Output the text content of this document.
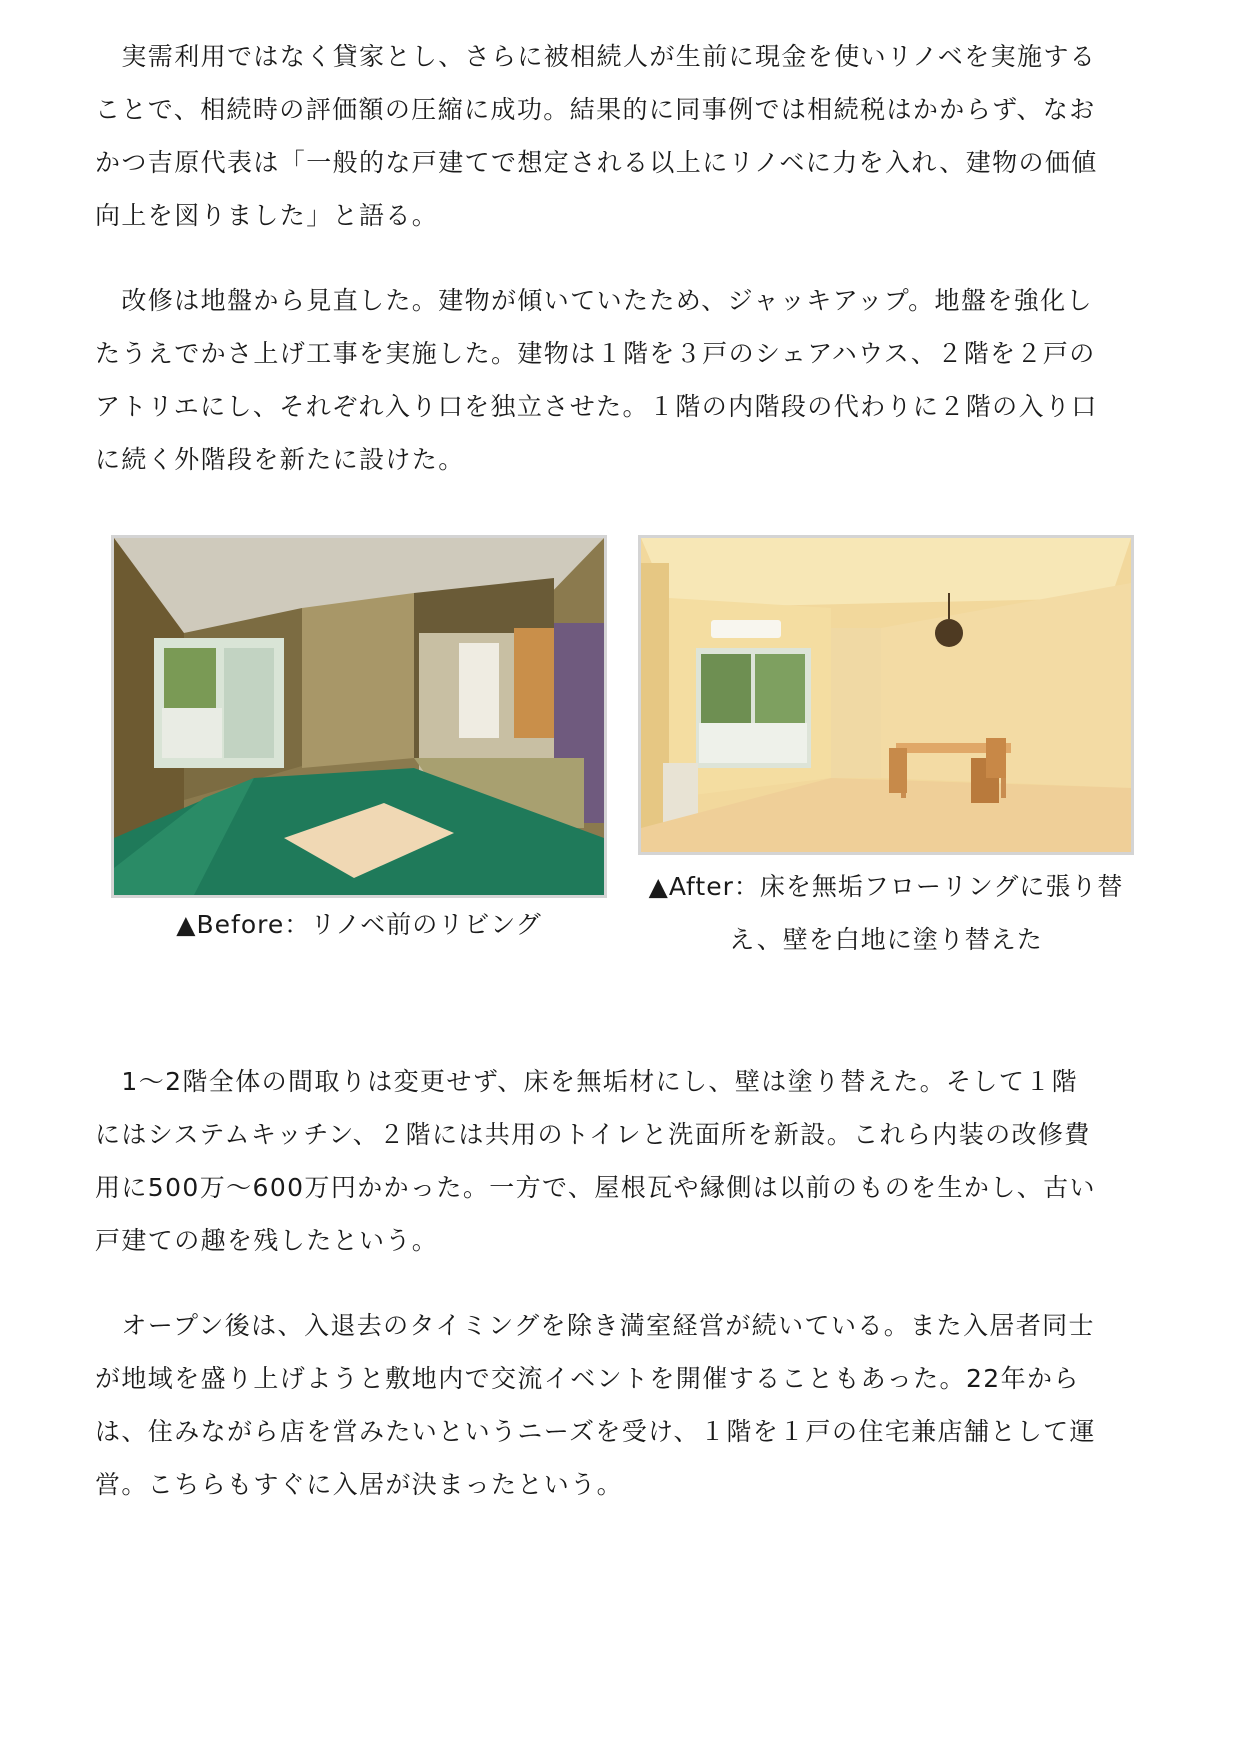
　実需利用ではなく貸家とし、さらに被相続人が生前に現金を使いリノベを実施する
ことで、相続時の評価額の圧縮に成功。結果的に同事例では相続税はかからず、なお
かつ吉原代表は「一般的な戸建てで想定される以上にリノベに力を入れ、建物の価値
向上を図りました」と語る。
　改修は地盤から見直した。建物が傾いていたため、ジャッキアップ。地盤を強化し
たうえでかさ上げ工事を実施した。建物は１階を３戸のシェアハウス、２階を２戸の
アトリエにし、それぞれ入り口を独立させた。１階の内階段の代わりに２階の入り口
に続く外階段を新たに設けた。
▲Before：リノベ前のリビング
▲After：床を無垢フローリングに張り替
え、壁を白地に塗り替えた
　1～2階全体の間取りは変更せず、床を無垢材にし、壁は塗り替えた。そして１階
にはシステムキッチン、２階には共用のトイレと洗面所を新設。これら内装の改修費
用に500万～600万円かかった。一方で、屋根瓦や縁側は以前のものを生かし、古い
戸建ての趣を残したという。
　オープン後は、入退去のタイミングを除き満室経営が続いている。また入居者同士
が地域を盛り上げようと敷地内で交流イベントを開催することもあった。22年から
は、住みながら店を営みたいというニーズを受け、１階を１戸の住宅兼店舗として運
営。こちらもすぐに入居が決まったという。
